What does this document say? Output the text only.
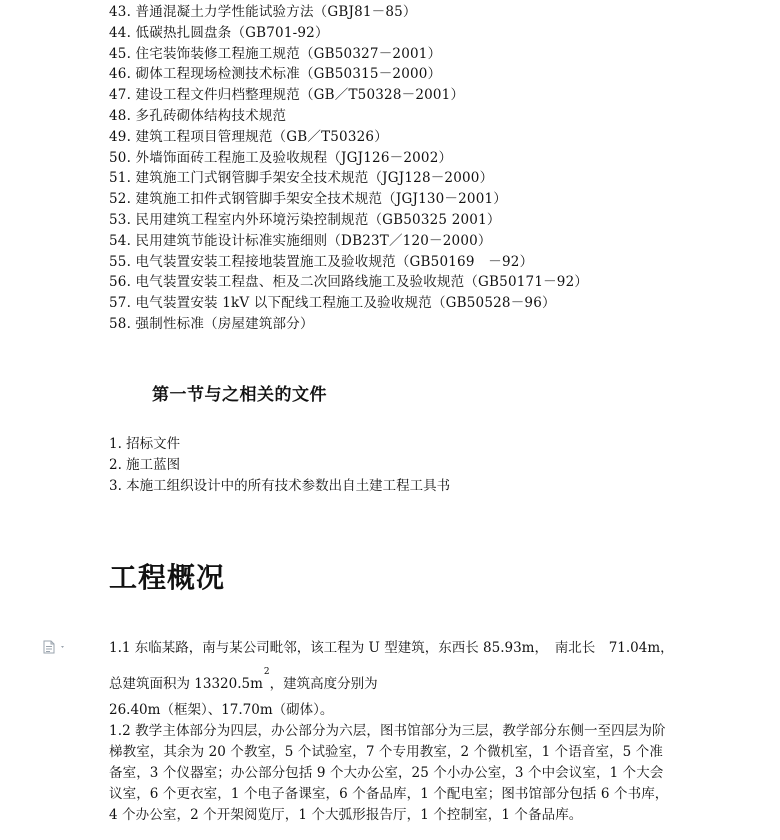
43. 普通混凝土力学性能试验方法（GBJ81－85）
44. 低碳热扎圆盘条（GB701-92）
45. 住宅装饰装修工程施工规范（GB50327－2001）
46. 砌体工程现场检测技术标准（GB50315－2000）
47. 建设工程文件归档整理规范（GB／T50328－2001）
48. 多孔砖砌体结构技术规范
49. 建筑工程项目管理规范（GB／T50326）
50. 外墙饰面砖工程施工及验收规程（JGJ126－2002）
51. 建筑施工门式钢管脚手架安全技术规范（JGJ128－2000）
52. 建筑施工扣件式钢管脚手架安全技术规范（JGJ130－2001）
53. 民用建筑工程室内外环境污染控制规范（GB50325 2001）
54. 民用建筑节能设计标准实施细则（DB23T／120－2000）
55. 电气装置安装工程接地装置施工及验收规范（GB50169　－92）
56. 电气装置安装工程盘、柜及二次回路线施工及验收规范（GB50171－92）
57. 电气装置安装 1kV 以下配线工程施工及验收规范（GB50528－96）
58. 强制性标准（房屋建筑部分）
第一节与之相关的文件
1. 招标文件
2. 施工蓝图
3. 本施工组织设计中的所有技术参数出自土建工程工具书
工程概况
1.1 东临某路，南与某公司毗邻，该工程为 U 型建筑，东西长 85.93m，　南北长　71.04m，
总建筑面积为 $13320.5m^2$，建筑高度分别为
26.40m（框架）、17.70m（砌体）。
1.2 教学主体部分为四层，办公部分为六层，图书馆部分为三层，教学部分东侧一至四层为阶梯教室，其余为 20 个教室，5 个试验室，7 个专用教室，2 个微机室，1 个语音室，5 个准备室，3 个仪器室；办公部分包括 9 个大办公室，25 个小办公室，3 个中会议室，1 个大会议室，6 个更衣室，1 个电子备课室，6 个备品库，1 个配电室；图书馆部分包括 6 个书库，4 个办公室，2 个开架阅览厅，1 个大弧形报告厅，1 个控制室，1 个备品库。
